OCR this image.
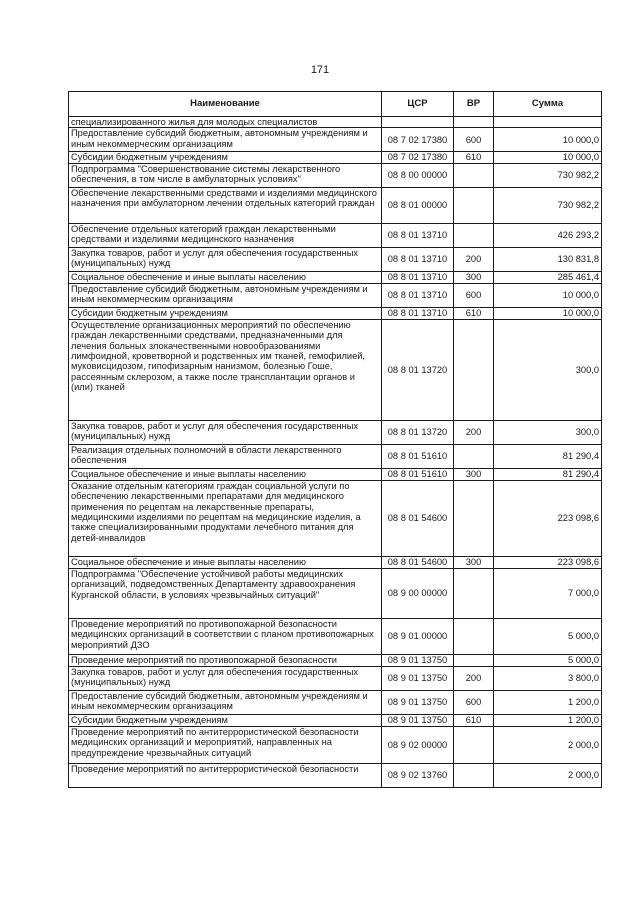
171
Наименование	ЦСР	ВР	Сумма
специализированного жилья для молодых специалистов			
Предоставление субсидий бюджетным, автономным учреждениям и иным некоммерческим организациям	08 7 02 17380	600	10 000,0
Субсидии бюджетным учреждениям	08 7 02 17380	610	10 000,0
Подпрограмма "Совершенствование системы лекарственного обеспечения, в том числе в амбулаторных условиях"	08 8 00 00000		730 982,2
Обеспечение лекарственными средствами и изделиями медицинского назначения при амбулаторном лечении отдельных категорий граждан	08 8 01 00000		730 982,2
Обеспечение отдельных категорий граждан лекарственными средствами и изделиями медицинского назначения	08 8 01 13710		426 293,2
Закупка товаров, работ и услуг для обеспечения государственных (муниципальных) нужд	08 8 01 13710	200	130 831,8
Социальное обеспечение и иные выплаты населению	08 8 01 13710	300	285 461,4
Предоставление субсидий бюджетным, автономным учреждениям и иным некоммерческим организациям	08 8 01 13710	600	10 000,0
Субсидии бюджетным учреждениям	08 8 01 13710	610	10 000,0
Осуществление организационных мероприятий по обеспечению граждан лекарственными средствами, предназначенными для лечения больных злокачественными новообразованиями лимфоидной, кроветворной и родственных им тканей, гемофилией, муковисцидозом, гипофизарным нанизмом, болезнью Гоше, рассеянным склерозом, а также после трансплантации органов и (или) тканей	08 8 01 13720		300,0
Закупка товаров, работ и услуг для обеспечения государственных (муниципальных) нужд	08 8 01 13720	200	300,0
Реализация отдельных полномочий в области лекарственного обеспечения	08 8 01 51610		81 290,4
Социальное обеспечение и иные выплаты населению	08 8 01 51610	300	81 290,4
Оказание отдельным категориям граждан социальной услуги по обеспечению лекарственными препаратами для медицинского применения по рецептам на лекарственные препараты, медицинскими изделиями по рецептам на медицинские изделия, а также специализированными продуктами лечебного питания для детей-инвалидов	08 8 01 54600		223 098,6
Социальное обеспечение и иные выплаты населению	08 8 01 54600	300	223 098,6
Подпрограмма "Обеспечение устойчивой работы медицинских организаций, подведомственных Департаменту здравоохранения Курганской области, в условиях чрезвычайных ситуаций"	08 9 00 00000		7 000,0
Проведение мероприятий по противопожарной безопасности медицинских организаций в соответствии с планом противопожарных мероприятий ДЗО	08 9 01 00000		5 000,0
Проведение мероприятий по противопожарной безопасности	08 9 01 13750		5 000,0
Закупка товаров, работ и услуг для обеспечения государственных (муниципальных) нужд	08 9 01 13750	200	3 800,0
Предоставление субсидий бюджетным, автономным учреждениям и иным некоммерческим организациям	08 9 01 13750	600	1 200,0
Субсидии бюджетным учреждениям	08 9 01 13750	610	1 200,0
Проведение мероприятий по антитеррористической безопасности медицинских организаций и мероприятий, направленных на предупреждение чрезвычайных ситуаций	08 9 02 00000		2 000,0
Проведение мероприятий по антитеррористической безопасности	08 9 02 13760		2 000,0
